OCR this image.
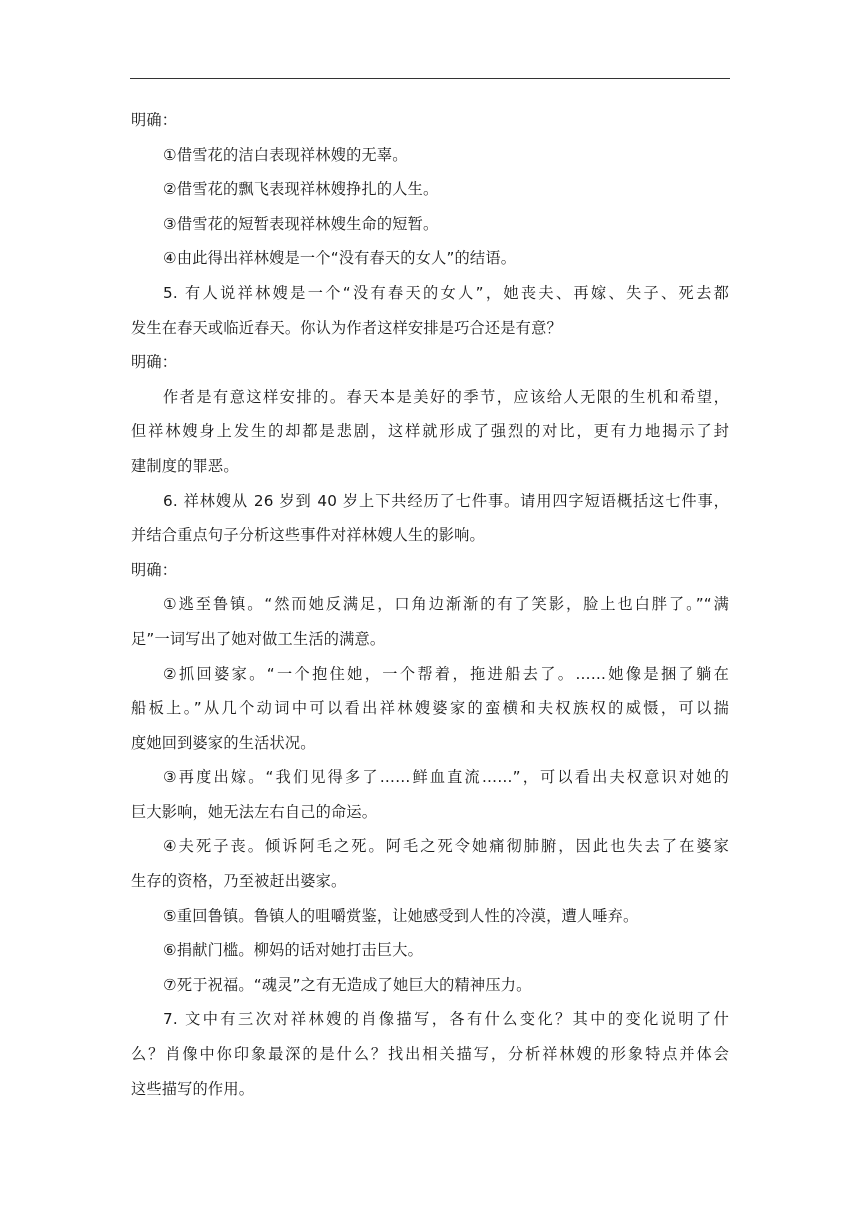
明确：
①借雪花的洁白表现祥林嫂的无辜。
②借雪花的飘飞表现祥林嫂挣扎的人生。
③借雪花的短暂表现祥林嫂生命的短暂。
④由此得出祥林嫂是一个“没有春天的女人”的结语。
5. 有人说祥林嫂是一个“没有春天的女人”，她丧夫、再嫁、失子、死去都
发生在春天或临近春天。你认为作者这样安排是巧合还是有意？
明确：
作者是有意这样安排的。春天本是美好的季节，应该给人无限的生机和希望，
但祥林嫂身上发生的却都是悲剧，这样就形成了强烈的对比，更有力地揭示了封
建制度的罪恶。
6. 祥林嫂从 26 岁到 40 岁上下共经历了七件事。请用四字短语概括这七件事，
并结合重点句子分析这些事件对祥林嫂人生的影响。
明确：
①逃至鲁镇。“然而她反满足，口角边渐渐的有了笑影，脸上也白胖了。”“满
足”一词写出了她对做工生活的满意。
②抓回婆家。“一个抱住她，一个帮着，拖进船去了。……她像是捆了躺在
船板上。”从几个动词中可以看出祥林嫂婆家的蛮横和夫权族权的威慑，可以揣
度她回到婆家的生活状况。
③再度出嫁。“我们见得多了……鲜血直流……”，可以看出夫权意识对她的
巨大影响，她无法左右自己的命运。
④夫死子丧。倾诉阿毛之死。阿毛之死令她痛彻肺腑，因此也失去了在婆家
生存的资格，乃至被赶出婆家。
⑤重回鲁镇。鲁镇人的咀嚼赏鉴，让她感受到人性的冷漠，遭人唾弃。
⑥捐献门槛。柳妈的话对她打击巨大。
⑦死于祝福。“魂灵”之有无造成了她巨大的精神压力。
7. 文中有三次对祥林嫂的肖像描写，各有什么变化？其中的变化说明了什
么？肖像中你印象最深的是什么？找出相关描写，分析祥林嫂的形象特点并体会
这些描写的作用。
